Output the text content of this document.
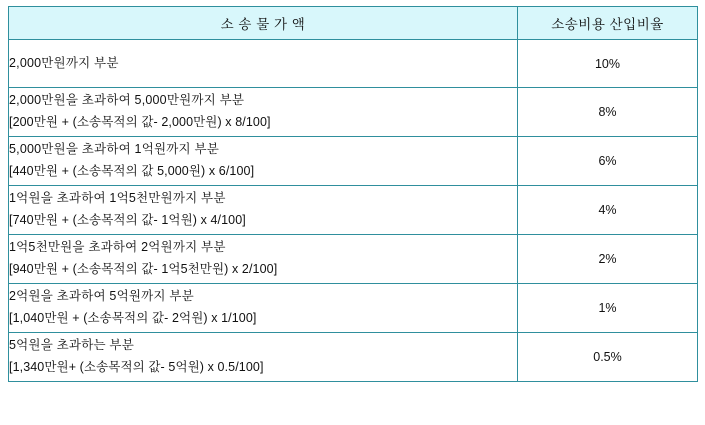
소 송 물 가 액	소송비용 산입비율

2,000만원까지 부분	10%

2,000만원을 초과하여 5,000만원까지 부분
[200만원 + (소송목적의 값- 2,000만원) x 8/100]	8%

5,000만원을 초과하여 1억원까지 부분
[440만원 + (소송목적의 값 5,000원) x 6/100]	6%

1억원을 초과하여 1억5천만원까지 부분
[740만원 + (소송목적의 값- 1억원) x 4/100]	4%

1억5천만원을 초과하여 2억원까지 부분
[940만원 + (소송목적의 값- 1억5천만원) x 2/100]	2%

2억원을 초과하여 5억원까지 부분
[1,040만원 + (소송목적의 값- 2억원) x 1/100]	1%

5억원을 초과하는 부분
[1,340만원+ (소송목적의 값- 5억원) x 0.5/100]	0.5%
